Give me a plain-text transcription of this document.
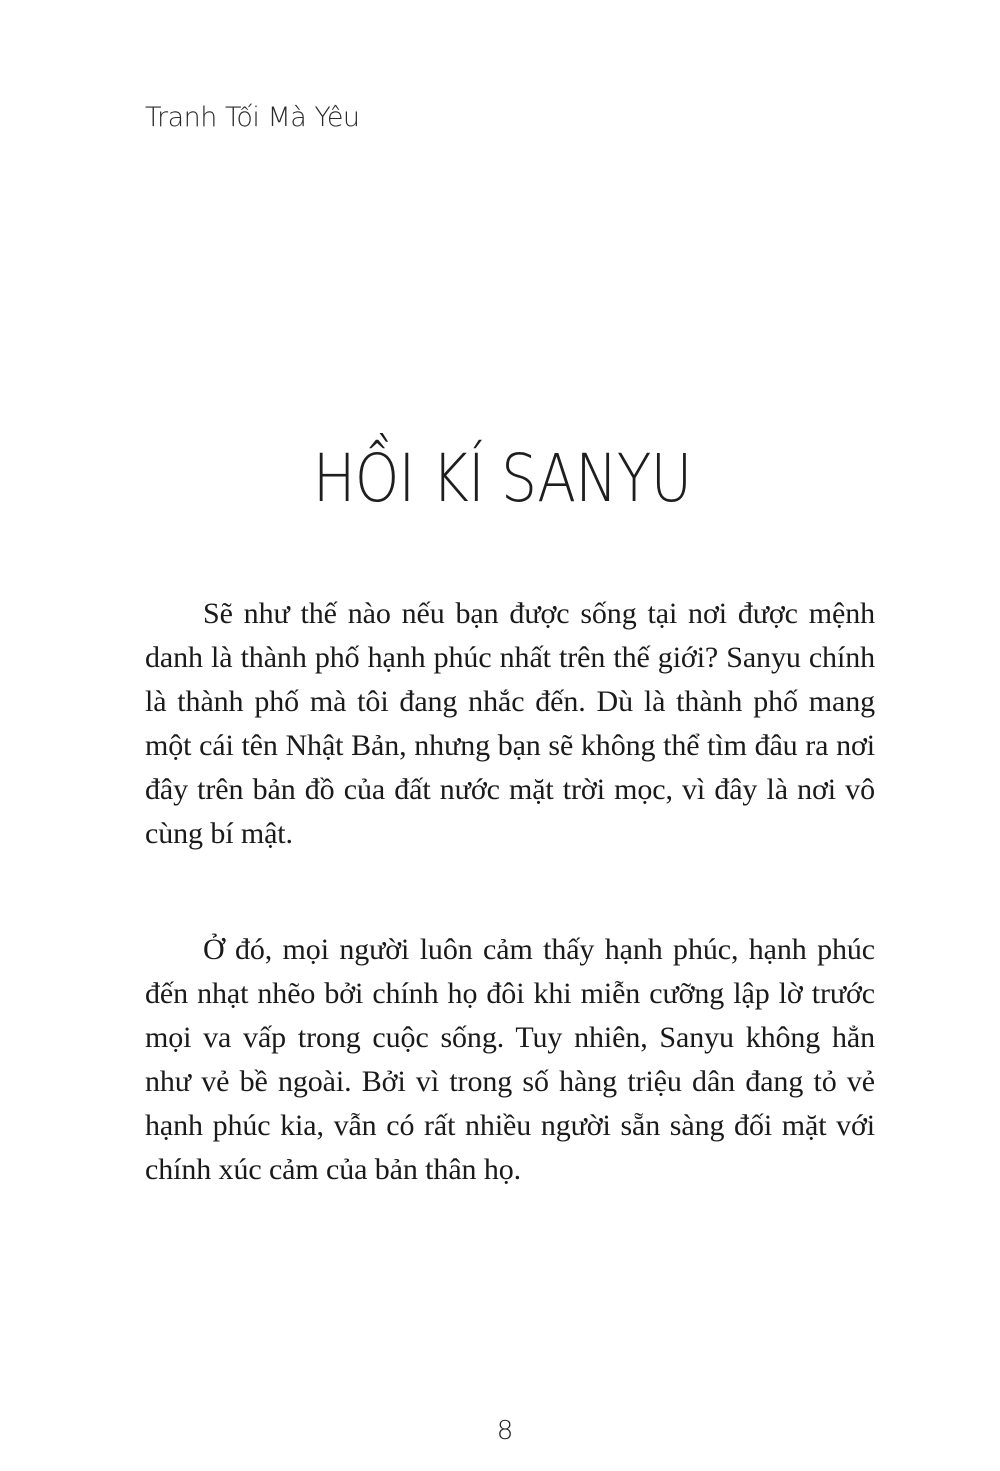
Tranh Tối Mà Yêu
HỒI KÍ SANYU

Sẽ như thế nào nếu bạn được sống tại nơi được mệnh danh là thành phố hạnh phúc nhất trên thế giới? Sanyu chính là thành phố mà tôi đang nhắc đến. Dù là thành phố mang một cái tên Nhật Bản, nhưng bạn sẽ không thể tìm đâu ra nơi đây trên bản đồ của đất nước mặt trời mọc, vì đây là nơi vô cùng bí mật.

Ở đó, mọi người luôn cảm thấy hạnh phúc, hạnh phúc đến nhạt nhẽo bởi chính họ đôi khi miễn cưỡng lập lờ trước mọi va vấp trong cuộc sống. Tuy nhiên, Sanyu không hẳn như vẻ bề ngoài. Bởi vì trong số hàng triệu dân đang tỏ vẻ hạnh phúc kia, vẫn có rất nhiều người sẵn sàng đối mặt với chính xúc cảm của bản thân họ.

8
